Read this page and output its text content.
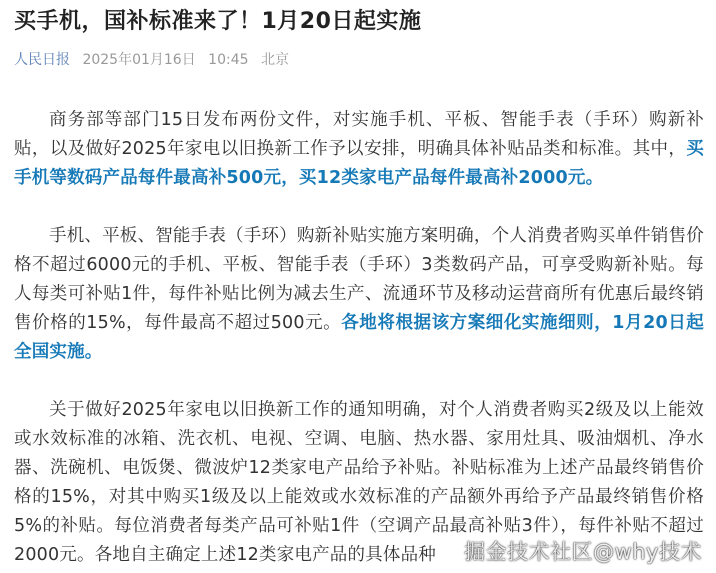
买手机，国补标准来了！1月20日起实施
人民日报 2025年01月16日 10:45 北京

商务部等部门15日发布两份文件，对实施手机、平板、智能手表（手环）购新补贴，以及做好2025年家电以旧换新工作予以安排，明确具体补贴品类和标准。其中，买手机等数码产品每件最高补500元，买12类家电产品每件最高补2000元。

手机、平板、智能手表（手环）购新补贴实施方案明确，个人消费者购买单件销售价格不超过6000元的手机、平板、智能手表（手环）3类数码产品，可享受购新补贴。每人每类可补贴1件，每件补贴比例为减去生产、流通环节及移动运营商所有优惠后最终销售价格的15%，每件最高不超过500元。各地将根据该方案细化实施细则，1月20日起全国实施。

关于做好2025年家电以旧换新工作的通知明确，对个人消费者购买2级及以上能效或水效标准的冰箱、洗衣机、电视、空调、电脑、热水器、家用灶具、吸油烟机、净水器、洗碗机、电饭煲、微波炉12类家电产品给予补贴。补贴标准为上述产品最终销售价格的15%，对其中购买1级及以上能效或水效标准的产品额外再给予产品最终销售价格5%的补贴。每位消费者每类产品可补贴1件（空调产品最高补贴3件），每件补贴不超过2000元。各地自主确定上述12类家电产品的具体品种	掘金技术社区@why技术
